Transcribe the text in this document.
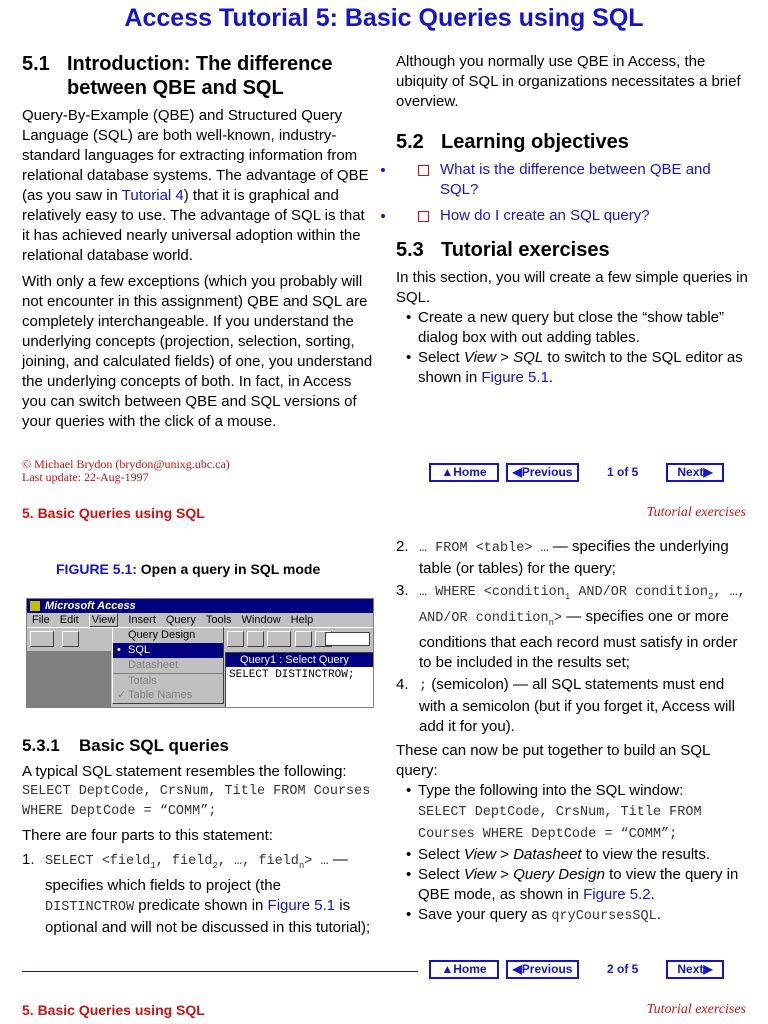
Access Tutorial 5: Basic Queries using SQL
5.1 Introduction: The difference
between QBE and SQL

Query-By-Example (QBE) and Structured Query Language (SQL) are both well-known, industry-standard languages for extracting information from relational database systems. The advantage of QBE (as you saw in Tutorial 4) that it is graphical and relatively easy to use. The advantage of SQL is that it has achieved nearly universal adoption within the relational database world.

With only a few exceptions (which you probably will not encounter in this assignment) QBE and SQL are completely interchangeable. If you understand the underlying concepts (projection, selection, sorting, joining, and calculated fields) of one, you understand the underlying concepts of both. In fact, in Access you can switch between QBE and SQL versions of your queries with the click of a mouse.

Although you normally use QBE in Access, the ubiquity of SQL in organizations necessitates a brief overview.
5.2 Learning objectives
• What is the difference between QBE and SQL?
• How do I create an SQL query?
5.3 Tutorial exercises
In this section, you will create a few simple queries in SQL.
• Create a new query but close the “show table” dialog box with out adding tables.
• Select View > SQL to switch to the SQL editor as shown in Figure 5.1.
© Michael Brydon (brydon@unixg.ubc.ca)
Last update: 22-Aug-1997	▲Home	◀Previous	1 of 5	Next▶
5. Basic Queries using SQL	Tutorial exercises
FIGURE 5.1: Open a query in SQL mode
Microsoft Access
File Edit View Insert Query Tools Window Help
Query Design
• SQL
Datasheet
Totals
✓ Table Names
Query1 : Select Query
SELECT DISTINCTROW;
5.3.1 Basic SQL queries
A typical SQL statement resembles the following:
SELECT DeptCode, CrsNum, Title FROM Courses WHERE DeptCode = “COMM”;
There are four parts to this statement:
1. SELECT <field$_1$, field$_2$, …, field$_n$> … — specifies which fields to project (the DISTINCTROW predicate shown in Figure 5.1 is optional and will not be discussed in this tutorial);
2. … FROM <table> … — specifies the underlying table (or tables) for the query;
3. … WHERE <condition$_1$ AND/OR condition$_2$, …, AND/OR condition$_n$> — specifies one or more conditions that each record must satisfy in order to be included in the results set;
4. ; (semicolon) — all SQL statements must end with a semicolon (but if you forget it, Access will add it for you).
These can now be put together to build an SQL query:
• Type the following into the SQL window:
SELECT DeptCode, CrsNum, Title FROM Courses WHERE DeptCode = “COMM”;
• Select View > Datasheet to view the results.
• Select View > Query Design to view the query in QBE mode, as shown in Figure 5.2.
• Save your query as qryCoursesSQL.
▲Home	◀Previous	2 of 5	Next▶
5. Basic Queries using SQL	Tutorial exercises
